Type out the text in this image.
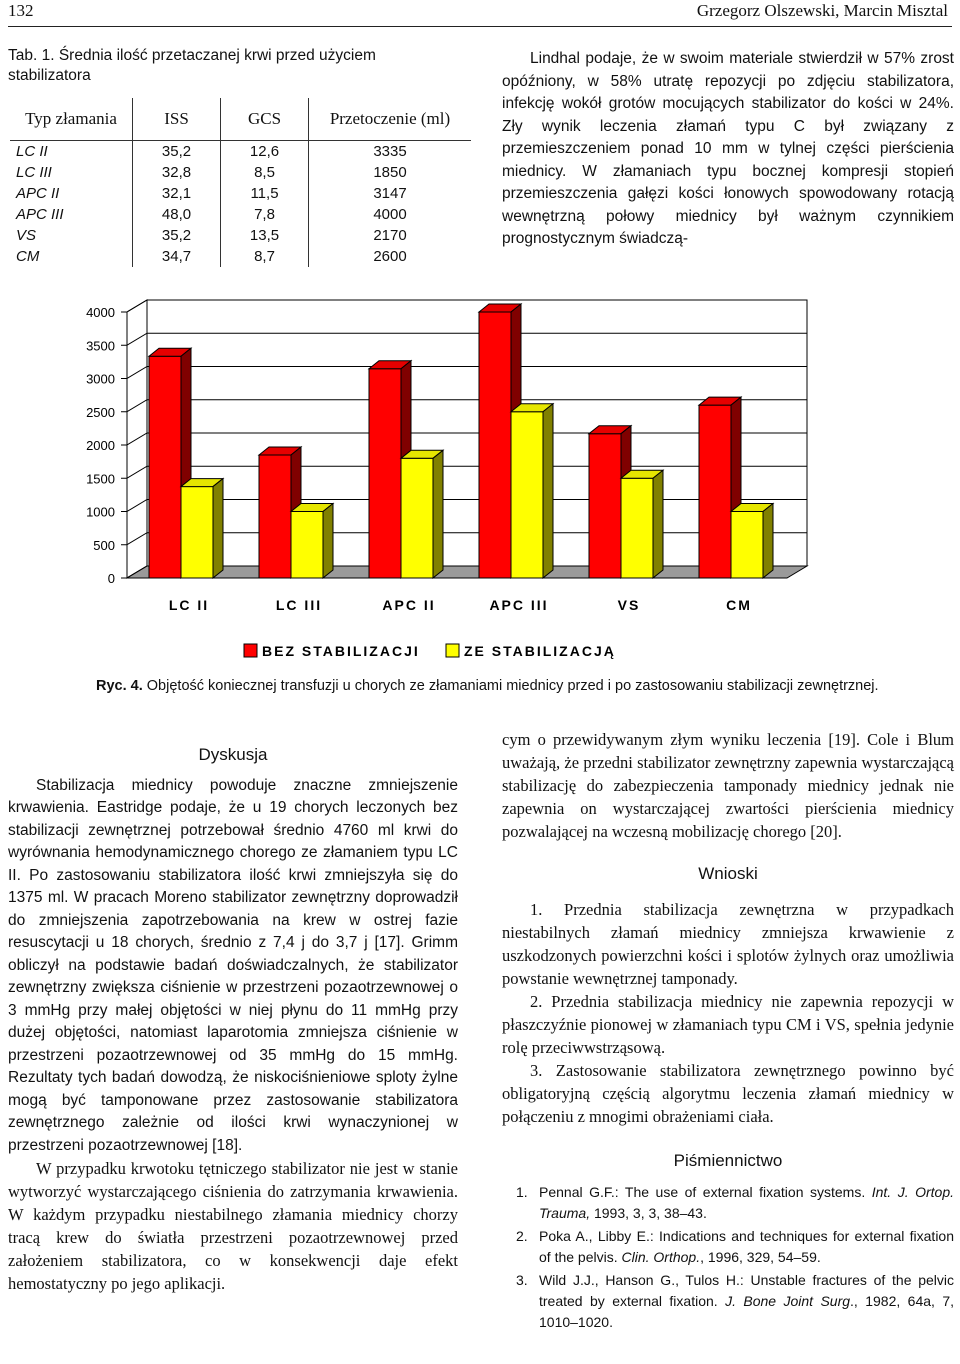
132	Grzegorz Olszewski, Marcin Misztal
Tab. 1. Średnia ilość przetaczanej krwi przed użyciem stabilizatora
Typ złamania	ISS	GCS	Przetoczenie (ml)
LC II	35,2	12,6	3335
LC III	32,8	8,5	1850
APC II	32,1	11,5	3147
APC III	48,0	7,8	4000
VS	35,2	13,5	2170
CM	34,7	8,7	2600

Lindhal podaje, że w swoim materiale stwierdził w 57% zrost opóźniony, w 58% utratę repozycji po zdjęciu stabilizatora, infekcję wokół grotów mocujących stabilizator do kości w 24%. Zły wynik leczenia złamań typu C był związany z przemieszczeniem ponad 10 mm w tylnej części pierścienia miednicy. W złamaniach typu bocznej kompresji stopień przemieszczenia gałęzi kości łonowych spowodowany rotacją wewnętrzną połowy miednicy był ważnym czynnikiem prognostycznym świadczą-

0
500
1000
1500
2000
2500
3000
3500
4000
LC II	LC III	APC II	APC III	VS	CM
BEZ STABILIZACJI	ZE STABILIZACJĄ
Ryc. 4. Objętość koniecznej transfuzji u chorych ze złamaniami miednicy przed i po zastosowaniu stabilizacji zewnętrznej.
Dyskusja

Stabilizacja miednicy powoduje znaczne zmniejszenie krwawienia. Eastridge podaje, że u 19 chorych leczonych bez stabilizacji zewnętrznej potrzebował średnio 4760 ml krwi do wyrównania hemodynamicznego chorego ze złamaniem typu LC II. Po zastosowaniu stabilizatora ilość krwi zmniejszyła się do 1375 ml. W pracach Moreno stabilizator zewnętrzny doprowadził do zmniejszenia zapotrzebowania na krew w ostrej fazie resuscytacji u 18 chorych, średnio z 7,4 j do 3,7 j [17]. Grimm obliczył na podstawie badań doświadczalnych, że stabilizator zewnętrzny zwiększa ciśnienie w przestrzeni pozaotrzewnowej o 3 mmHg przy małej objętości w niej płynu do 11 mmHg przy dużej objętości, natomiast laparotomia zmniejsza ciśnienie w przestrzeni pozaotrzewnowej od 35 mmHg do 15 mmHg. Rezultaty tych badań dowodzą, że niskociśnieniowe sploty żylne mogą być tamponowane przez zastosowanie stabilizatora zewnętrznego zależnie od ilości krwi wynaczynionej w przestrzeni pozaotrzewnowej [18].

W przypadku krwotoku tętniczego stabilizator nie jest w stanie wytworzyć wystarczającego ciśnienia do zatrzymania krwawienia. W każdym przypadku niestabilnego złamania miednicy chorzy tracą krew do światła przestrzeni pozaotrzewnowej przed założeniem stabilizatora, co w konsekwencji daje efekt hemostatyczny po jego aplikacji.

cym o przewidywanym złym wyniku leczenia [19]. Cole i Blum uważają, że przedni stabilizator zewnętrzny zapewnia wystarczającą stabilizację do zabezpieczenia tamponady miednicy jednak nie zapewnia on wystarczającej zwartości pierścienia miednicy pozwalającej na wczesną mobilizację chorego [20].

Wnioski

1. Przednia stabilizacja zewnętrzna w przypadkach niestabilnych złamań miednicy zmniejsza krwawienie z uszkodzonych powierzchni kości i splotów żylnych oraz umożliwia powstanie wewnętrznej tamponady.

2. Przednia stabilizacja miednicy nie zapewnia repozycji w płaszczyźnie pionowej w złamaniach typu CM i VS, spełnia jedynie rolę przeciwwstrząsową.

3. Zastosowanie stabilizatora zewnętrznego powinno być obligatoryjną częścią algorytmu leczenia złamań miednicy w połączeniu z mnogimi obrażeniami ciała.

Piśmiennictwo
1. Pennal G.F.: The use of external fixation systems. Int. J. Ortop. Trauma, 1993, 3, 3, 38–43.
2. Poka A., Libby E.: Indications and techniques for external fixation of the pelvis. Clin. Orthop., 1996, 329, 54–59.
3. Wild J.J., Hanson G., Tulos H.: Unstable fractures of the pelvic treated by external fixation. J. Bone Joint Surg., 1982, 64a, 7, 1010–1020.
